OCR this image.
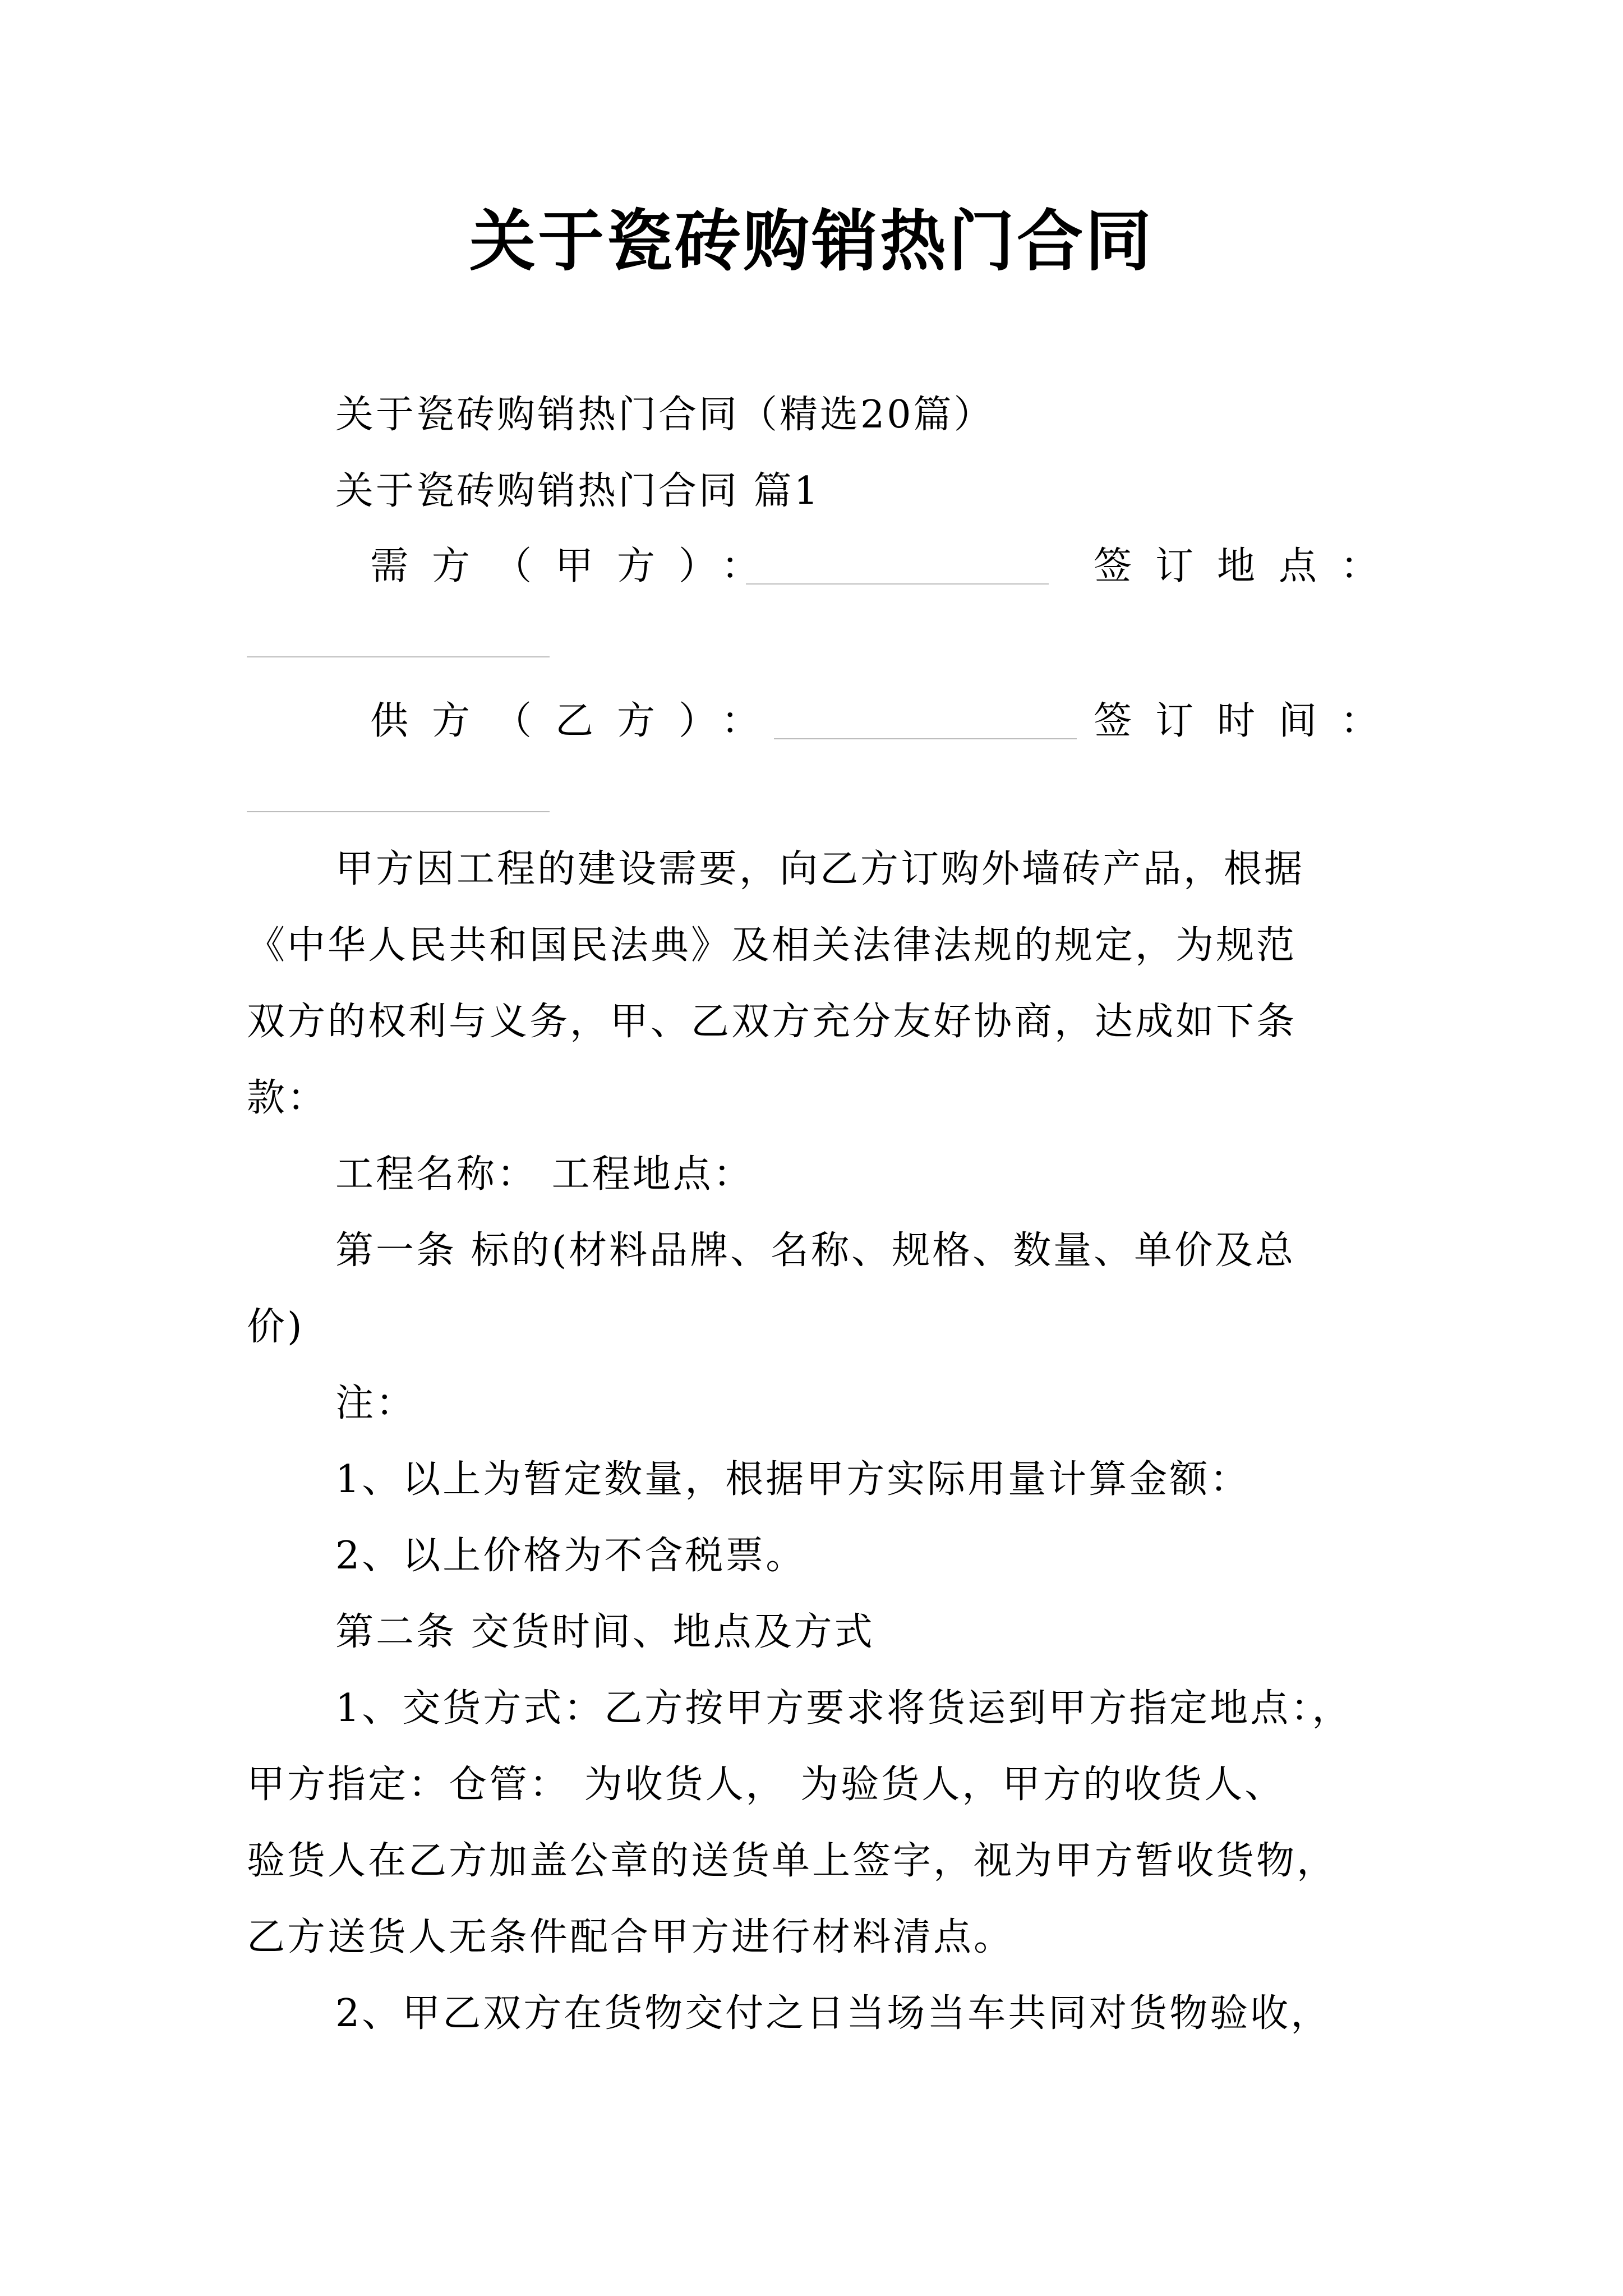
关于瓷砖购销热门合同
关于瓷砖购销热门合同（精选20篇）
关于瓷砖购销热门合同 篇1
需方（甲方）：	签订地点：
供方（乙方）：	签订时间：
甲方因工程的建设需要，向乙方订购外墙砖产品，根据
《中华人民共和国民法典》及相关法律法规的规定，为规范
双方的权利与义务，甲、乙双方充分友好协商，达成如下条
款：
工程名称： 工程地点：
第一条 标的(材料品牌、名称、规格、数量、单价及总
价)
注：
1、以上为暂定数量，根据甲方实际用量计算金额：
2、以上价格为不含税票。
第二条 交货时间、地点及方式
1、交货方式：乙方按甲方要求将货运到甲方指定地点：，
甲方指定：仓管： 为收货人， 为验货人，甲方的收货人、
验货人在乙方加盖公章的送货单上签字，视为甲方暂收货物，
乙方送货人无条件配合甲方进行材料清点。
2、甲乙双方在货物交付之日当场当车共同对货物验收，
